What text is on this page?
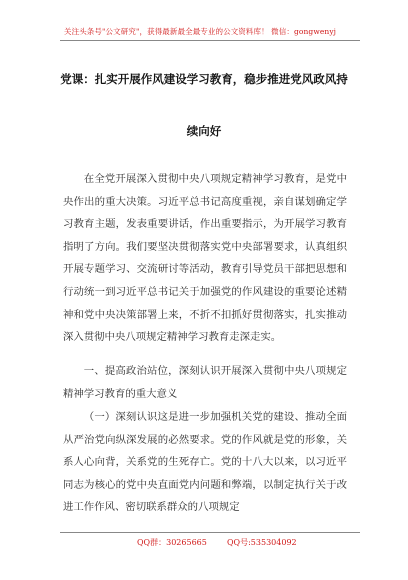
关注头条号"公文研究"，获得最新最全最专业的公文资料库！ 微信：gongwenyj
党课：扎实开展作风建设学习教育，稳步推进党风政风持
续向好
在全党开展深入贯彻中央八项规定精神学习教育，是党中央作出的重大决策。习近平总书记高度重视，亲自谋划确定学习教育主题，发表重要讲话，作出重要指示，为开展学习教育指明了方向。我们要坚决贯彻落实党中央部署要求，认真组织开展专题学习、交流研讨等活动，教育引导党员干部把思想和行动统一到习近平总书记关于加强党的作风建设的重要论述精神和党中央决策部署上来，不折不扣抓好贯彻落实，扎实推动深入贯彻中央八项规定精神学习教育走深走实。
一、提高政治站位，深刻认识开展深入贯彻中央八项规定精神学习教育的重大意义
（一）深刻认识这是进一步加强机关党的建设、推动全面从严治党向纵深发展的必然要求。党的作风就是党的形象，关系人心向背，关系党的生死存亡。党的十八大以来，以习近平同志为核心的党中央直面党内问题和弊端，以制定执行关于改进工作作风、密切联系群众的八项规定
QQ群：30265665	QQ号:535304092
